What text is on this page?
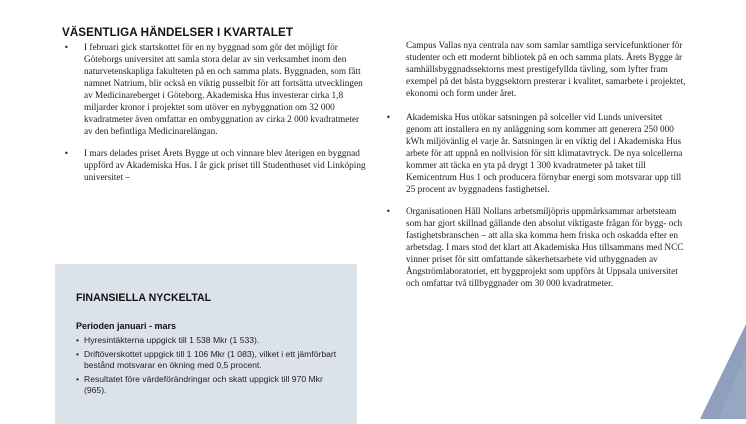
VÄSENTLIGA HÄNDELSER I KVARTALET
• I februari gick startskottet för en ny byggnad som gör det möjligt för Göteborgs universitet att samla stora delar av sin verksamhet inom den naturvetenskapliga fakulteten på en och samma plats. Byggnaden, som fått namnet Natrium, blir också en viktig pusselbit för att fortsätta utvecklingen av Medicinareberget i Göteborg. Akademiska Hus investerar cirka 1,8 miljarder kronor i projektet som utöver en nybyggnation om 32 000 kvadratmeter även omfattar en ombyggnation av cirka 2 000 kvadratmeter av den befintliga Medicinarelängan.
• I mars delades priset Årets Bygge ut och vinnare blev återigen en byggnad uppförd av Akademiska Hus. I år gick priset till Studenthuset vid Linköping universitet –
Campus Vallas nya centrala nav som samlar samtliga servicefunktioner för studenter och ett modernt bibliotek på en och samma plats. Årets Bygge är samhällsbyggnadssektorns mest prestigefyllda tävling, som lyfter fram exempel på det bästa byggsektorn presterar i kvalitet, samarbete i projektet, ekonomi och form under året.
• Akademiska Hus utökar satsningen på solceller vid Lunds universitet genom att installera en ny anläggning som kommer att generera 250 000 kWh miljövänlig el varje år. Satsningen är en viktig del i Akademiska Hus arbete för att uppnå en nollvision för sitt klimatavtryck. De nya solcellerna kommer att täcka en yta på drygt 1 300 kvadratmeter på taket till Kemicentrum Hus 1 och producera förnybar energi som motsvarar upp till 25 procent av byggnadens fastighetsel.
• Organisationen Håll Nollans arbetsmiljöpris uppmärksammar arbetsteam som har gjort skillnad gällande den absolut viktigaste frågan för bygg- och fastighetsbranschen – att alla ska komma hem friska och oskadda efter en arbetsdag. I mars stod det klart att Akademiska Hus tillsammans med NCC vinner priset för sitt omfattande säkerhetsarbete vid utbyggnaden av Ångströmlaboratoriet, ett byggprojekt som uppförs åt Uppsala universitet och omfattar två tillbyggnader om 30 000 kvadratmeter.
FINANSIELLA NYCKELTAL
Perioden januari - mars
• Hyresintäkterna uppgick till 1 538 Mkr (1 533).
• Driftöverskottet uppgick till 1 106 Mkr (1 083), vilket i ett jämförbart bestånd motsvarar en ökning med 0,5 procent.
• Resultatet före värdeförändringar och skatt uppgick till 970 Mkr (965).
